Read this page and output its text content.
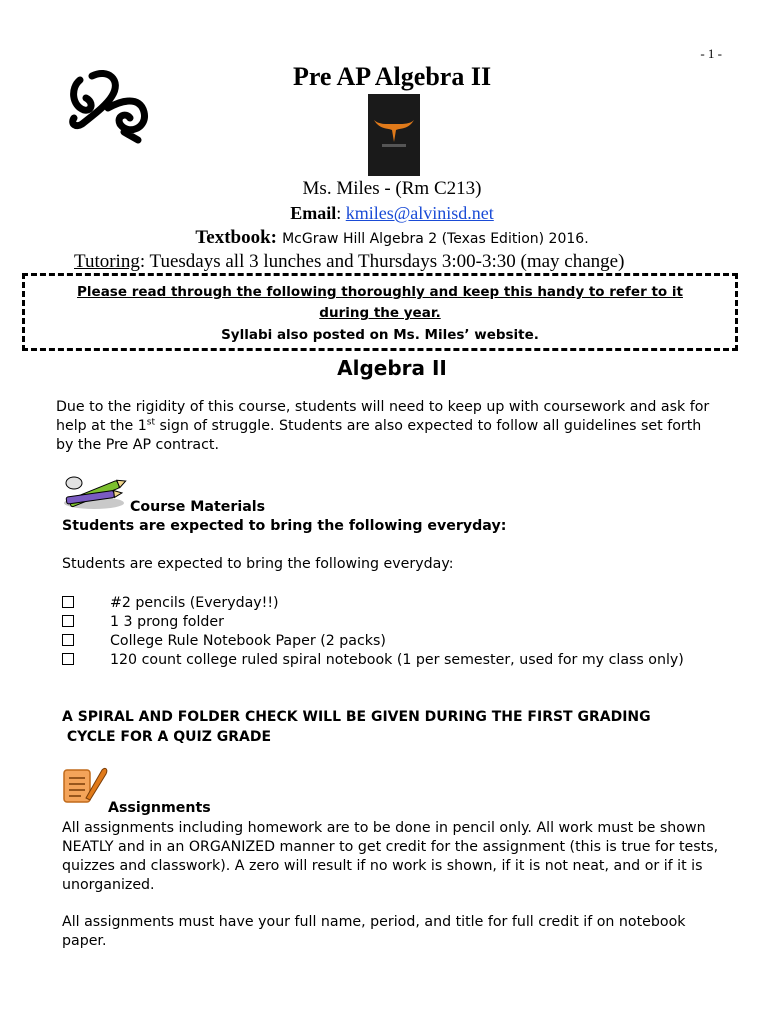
- 1 -
Pre AP Algebra II
Ms. Miles - (Rm C213)
Email: kmiles@alvinisd.net
Textbook: McGraw Hill Algebra 2 (Texas Edition) 2016.
Tutoring: Tuesdays all 3 lunches and Thursdays 3:00-3:30 (may change)
Please read through the following thoroughly and keep this handy to refer to it
during the year.
Syllabi also posted on Ms. Miles’ website.
Algebra II
Due to the rigidity of this course, students will need to keep up with coursework and ask for help at the 1st sign of struggle. Students are also expected to follow all guidelines set forth by the Pre AP contract.
Course Materials
Students are expected to bring the following everyday:
Students are expected to bring the following everyday:
#2 pencils (Everyday!!)
1 3 prong folder
College Rule Notebook Paper (2 packs)
120 count college ruled spiral notebook (1 per semester, used for my class only)
A SPIRAL AND FOLDER CHECK WILL BE GIVEN DURING THE FIRST GRADING
CYCLE FOR A QUIZ GRADE
Assignments
All assignments including homework are to be done in pencil only. All work must be shown NEATLY and in an ORGANIZED manner to get credit for the assignment (this is true for tests, quizzes and classwork). A zero will result if no work is shown, if it is not neat, and or if it is unorganized.
All assignments must have your full name, period, and title for full credit if on notebook paper.
